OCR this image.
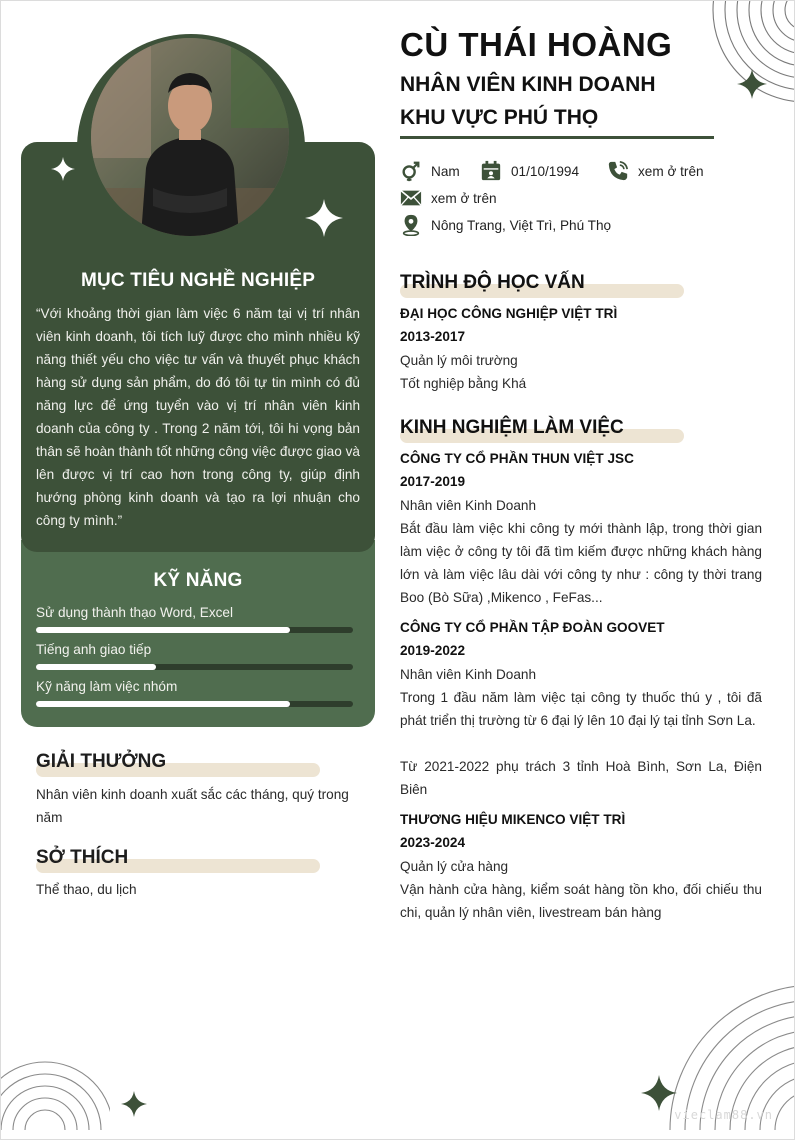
MỤC TIÊU NGHỀ NGHIỆP
“Với khoảng thời gian làm việc 6 năm tại vị trí nhân viên kinh doanh, tôi tích luỹ được cho mình nhiều kỹ năng thiết yếu cho việc tư vấn và thuyết phục khách hàng sử dụng sản phẩm, do đó tôi tự tin mình có đủ năng lực để ứng tuyển vào vị trí nhân viên kinh doanh của công ty . Trong 2 năm tới, tôi hi vọng bản thân sẽ hoàn thành tốt những công việc được giao và lên được vị trí cao hơn trong công ty, giúp định hướng phòng kinh doanh và tạo ra lợi nhuận cho công ty mình.”
KỸ NĂNG
Sử dụng thành thạo Word, Excel
Tiếng anh giao tiếp
Kỹ năng làm việc nhóm
GIẢI THƯỞNG
Nhân viên kinh doanh xuất sắc các tháng, quý trong năm
SỞ THÍCH
Thể thao, du lịch
CÙ THÁI HOÀNG
NHÂN VIÊN KINH DOANH
KHU VỰC PHÚ THỌ
Nam	01/10/1994	xem ở trên
xem ở trên
Nông Trang, Việt Trì, Phú Thọ
TRÌNH ĐỘ HỌC VẤN
ĐẠI HỌC CÔNG NGHIỆP VIỆT TRÌ
2013-2017
Quản lý môi trường
Tốt nghiệp bằng Khá
KINH NGHIỆM LÀM VIỆC
CÔNG TY CỔ PHẦN THUN VIỆT JSC
2017-2019
Nhân viên Kinh Doanh
Bắt đầu làm việc khi công ty mới thành lập, trong thời gian làm việc ở công ty tôi đã tìm kiếm được những khách hàng lớn và làm việc lâu dài với công ty như : công ty thời trang Boo (Bò Sữa) ,Mikenco , FeFas...
CÔNG TY CỔ PHẦN TẬP ĐOÀN GOOVET
2019-2022
Nhân viên Kinh Doanh
Trong 1 đầu năm làm việc tại công ty thuốc thú y , tôi đã phát triển thị trường từ 6 đại lý lên 10 đại lý tại tỉnh Sơn La.
Từ 2021-2022 phụ trách 3 tỉnh Hoà Bình, Sơn La, Điện Biên
THƯƠNG HIỆU MIKENCO VIỆT TRÌ
2023-2024
Quản lý cửa hàng
Vận hành cửa hàng, kiểm soát hàng tồn kho, đối chiếu thu chi, quản lý nhân viên, livestream bán hàng
vieclam88.vn
